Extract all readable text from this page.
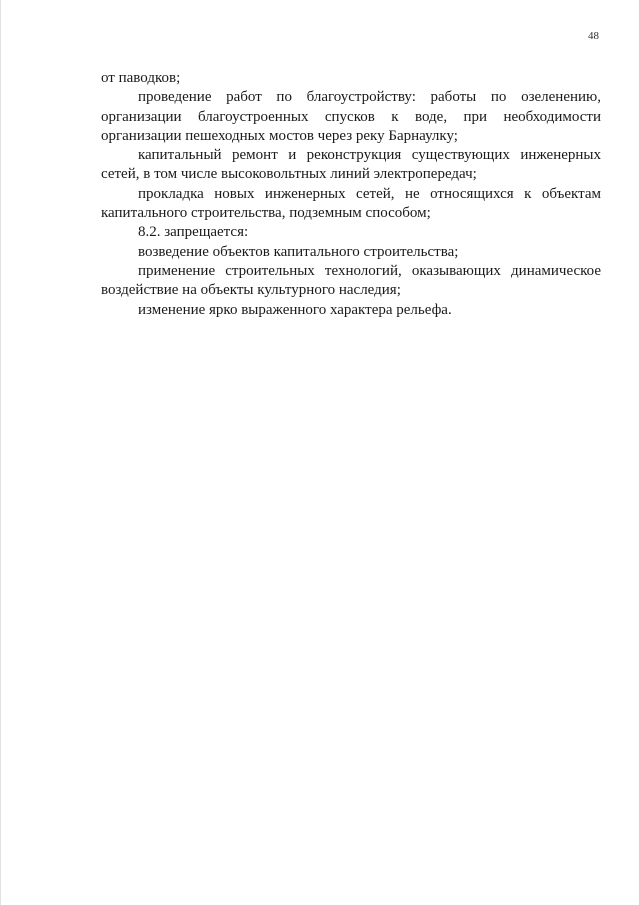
48

от паводков;

проведение работ по благоустройству: работы по озеленению, организации благоустроенных спусков к воде, при необходимости организации пешеходных мостов через реку Барнаулку;

капитальный ремонт и реконструкция существующих инженерных сетей, в том числе высоковольтных линий электропередач;

прокладка новых инженерных сетей, не относящихся к объектам капитального строительства, подземным способом;

8.2. запрещается:

возведение объектов капитального строительства;

применение строительных технологий, оказывающих динамическое воздействие на объекты культурного наследия;

изменение ярко выраженного характера рельефа.
